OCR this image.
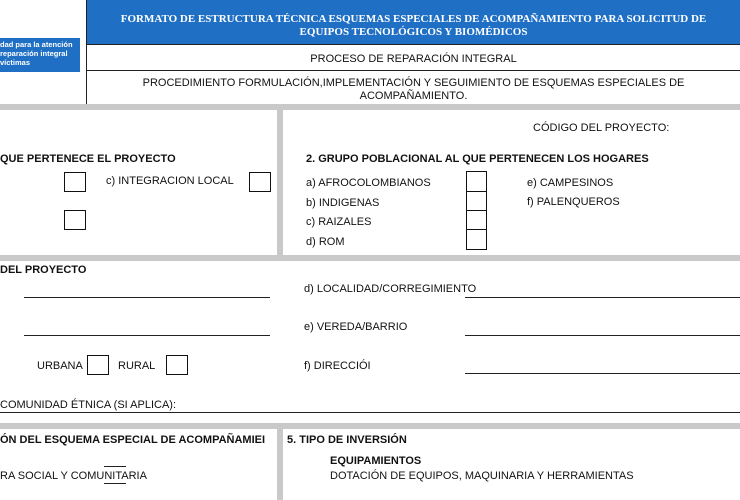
dad para la atención
reparación integral
víctimas
FORMATO DE ESTRUCTURA TÉCNICA ESQUEMAS ESPECIALES DE ACOMPAÑAMIENTO PARA SOLICITUD DE
EQUIPOS TECNOLÓGICOS Y BIOMÉDICOS
PROCESO DE REPARACIÓN INTEGRAL
PROCEDIMIENTO FORMULACIÓN,IMPLEMENTACIÓN Y SEGUIMIENTO DE ESQUEMAS ESPECIALES DE
ACOMPAÑAMIENTO.
CÓDIGO DEL PROYECTO:
QUE PERTENECE EL PROYECTO
c) INTEGRACION LOCAL
2. GRUPO POBLACIONAL AL QUE PERTENECEN LOS HOGARES
a) AFROCOLOMBIANOS
b) INDIGENAS
c) RAIZALES
d) ROM
e) CAMPESINOS
f) PALENQUEROS
DEL PROYECTO
d) LOCALIDAD/CORREGIMIENTO
e) VEREDA/BARRIO
URBANA	RURAL	f) DIRECCIÓI
COMUNIDAD ÉTNICA (SI APLICA):
ÓN DEL ESQUEMA ESPECIAL DE ACOMPAÑAMIEI
RA SOCIAL Y COMUNITARIA
5. TIPO DE INVERSIÓN
EQUIPAMIENTOS
DOTACIÓN DE EQUIPOS, MAQUINARIA Y HERRAMIENTAS
